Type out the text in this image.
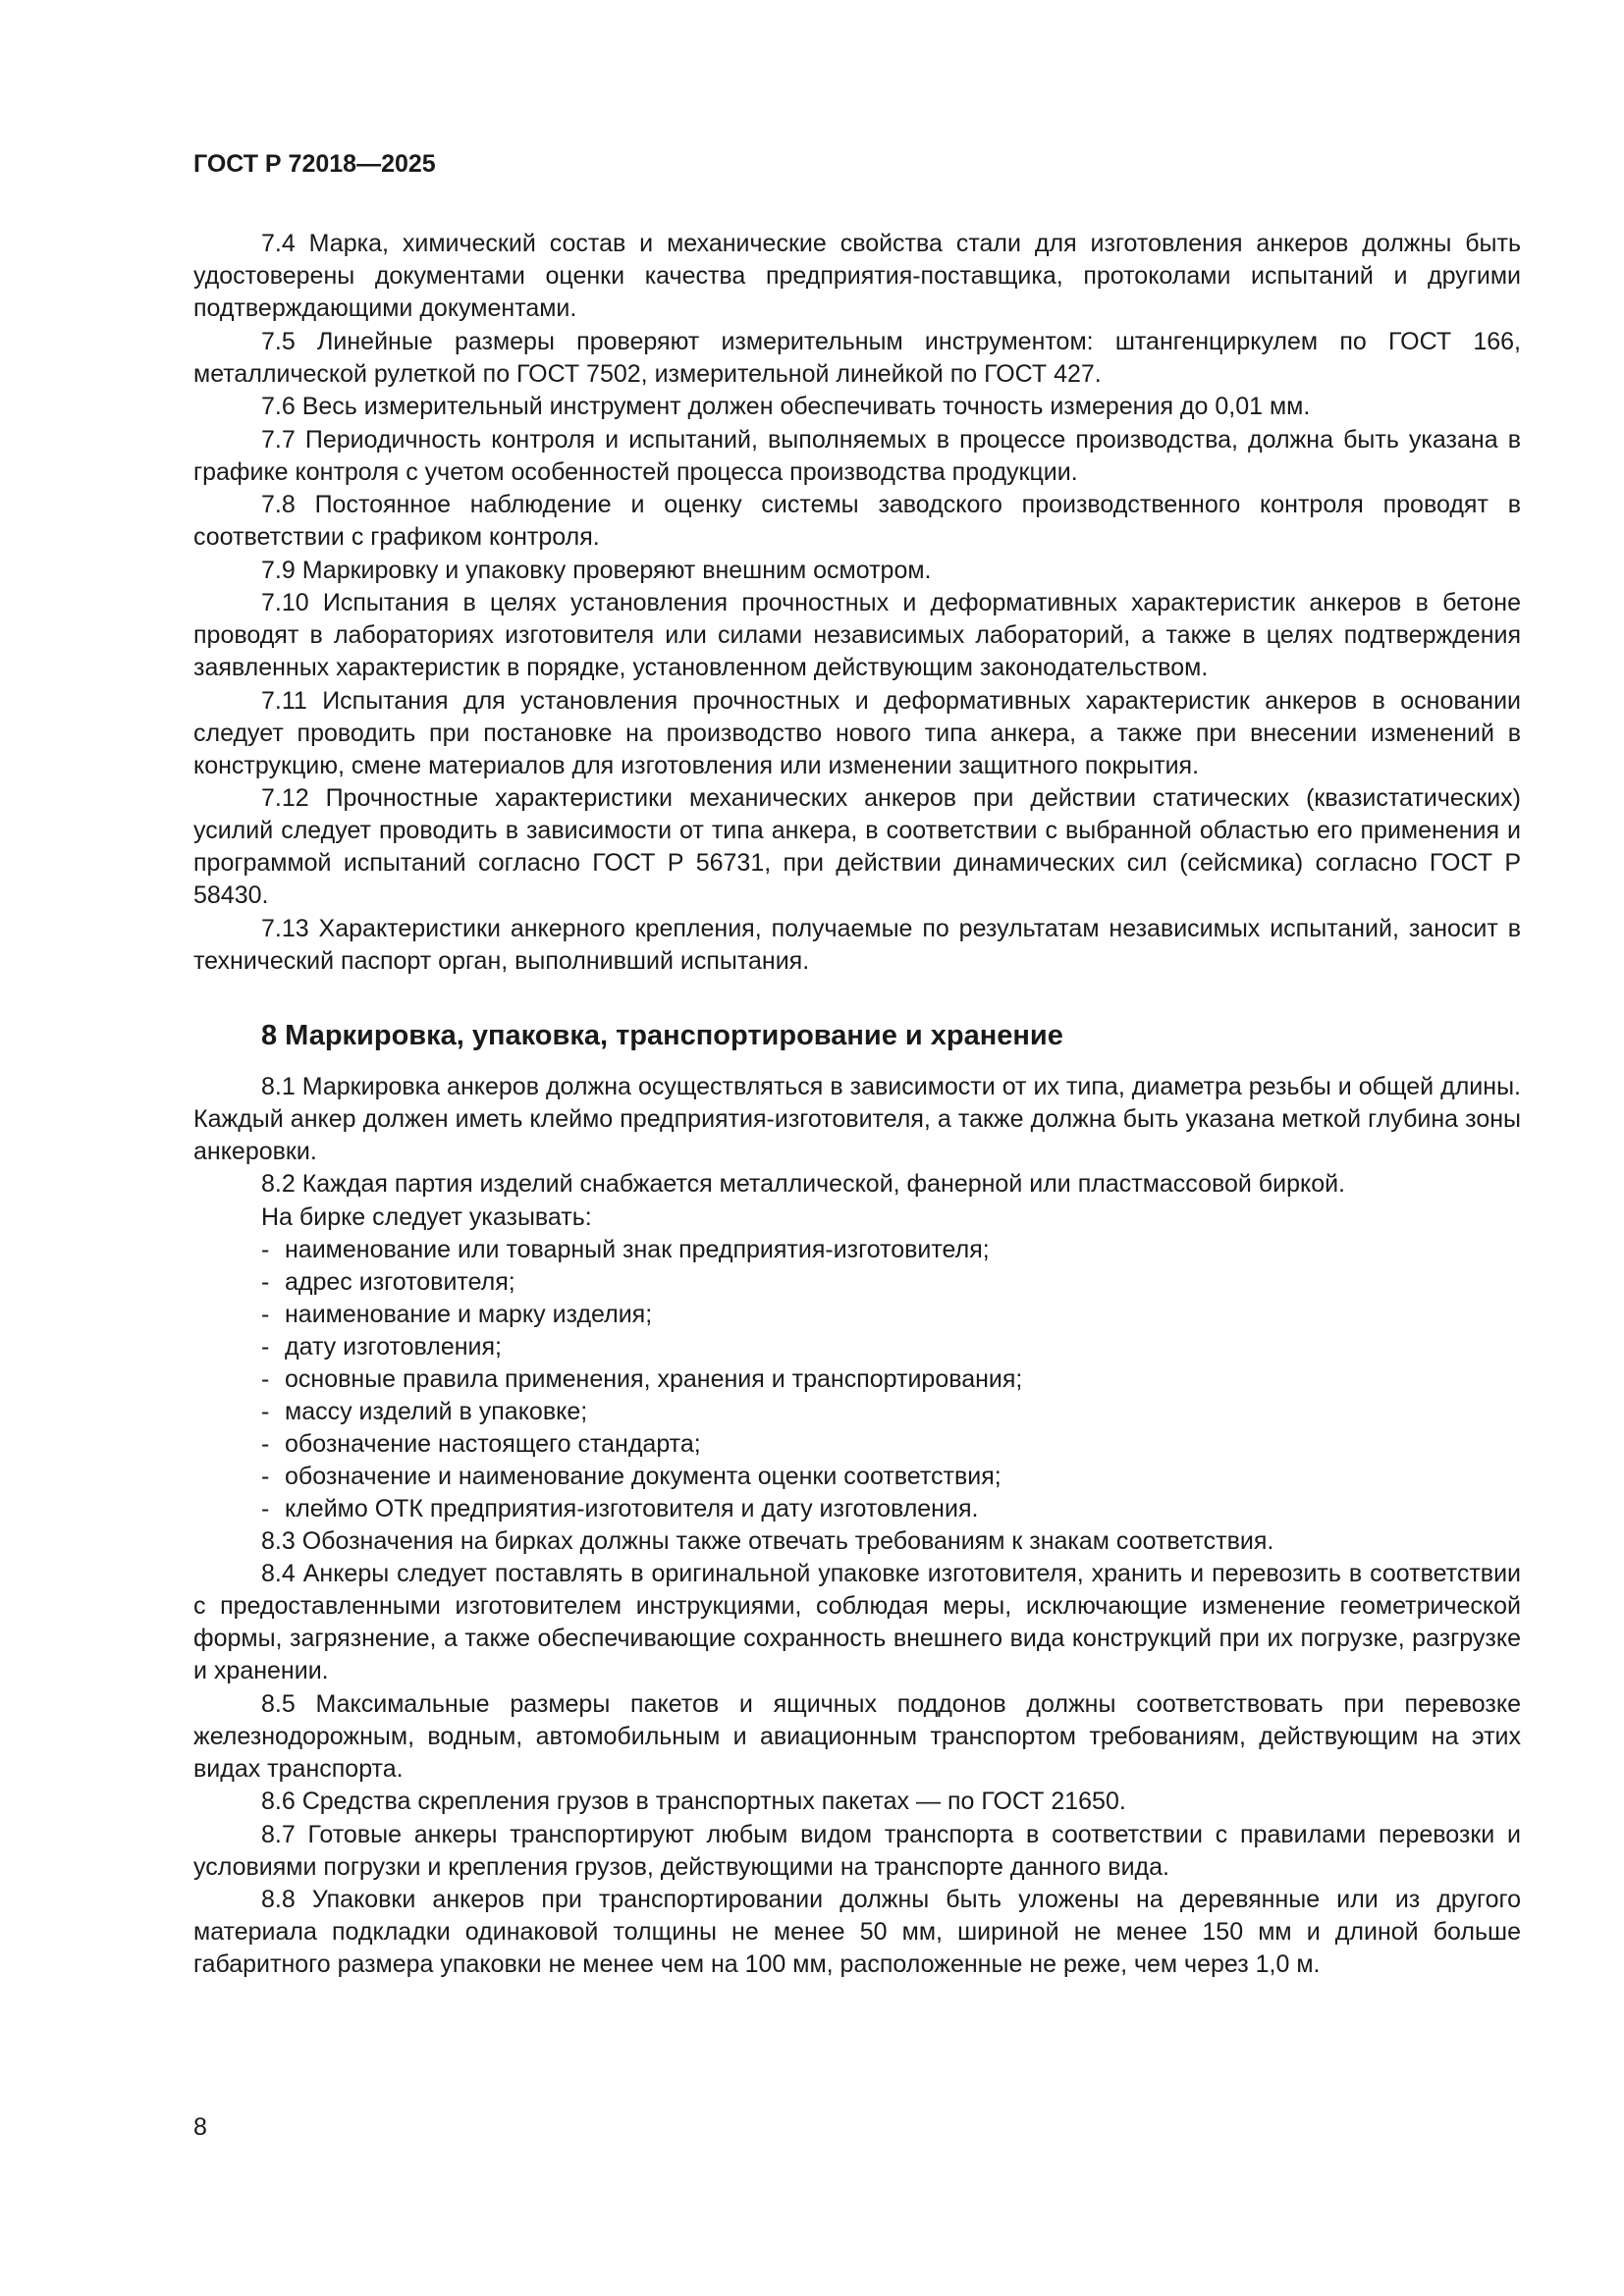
ГОСТ Р 72018—2025

7.4 Марка, химический состав и механические свойства стали для изготовления анкеров должны быть удостоверены документами оценки качества предприятия-поставщика, протоколами испытаний и другими подтверждающими документами.

7.5 Линейные размеры проверяют измерительным инструментом: штангенциркулем по ГОСТ 166, металлической рулеткой по ГОСТ 7502, измерительной линейкой по ГОСТ 427.

7.6 Весь измерительный инструмент должен обеспечивать точность измерения до 0,01 мм.

7.7 Периодичность контроля и испытаний, выполняемых в процессе производства, должна быть указана в графике контроля с учетом особенностей процесса производства продукции.

7.8 Постоянное наблюдение и оценку системы заводского производственного контроля проводят в соответствии с графиком контроля.

7.9 Маркировку и упаковку проверяют внешним осмотром.

7.10 Испытания в целях установления прочностных и деформативных характеристик анкеров в бетоне проводят в лабораториях изготовителя или силами независимых лабораторий, а также в целях подтверждения заявленных характеристик в порядке, установленном действующим законодательством.

7.11 Испытания для установления прочностных и деформативных характеристик анкеров в основании следует проводить при постановке на производство нового типа анкера, а также при внесении изменений в конструкцию, смене материалов для изготовления или изменении защитного покрытия.

7.12 Прочностные характеристики механических анкеров при действии статических (квазистатических) усилий следует проводить в зависимости от типа анкера, в соответствии с выбранной областью его применения и программой испытаний согласно ГОСТ Р 56731, при действии динамических сил (сейсмика) согласно ГОСТ Р 58430.

7.13 Характеристики анкерного крепления, получаемые по результатам независимых испытаний, заносит в технический паспорт орган, выполнивший испытания.

8 Маркировка, упаковка, транспортирование и хранение

8.1 Маркировка анкеров должна осуществляться в зависимости от их типа, диаметра резьбы и общей длины. Каждый анкер должен иметь клеймо предприятия-изготовителя, а также должна быть указана меткой глубина зоны анкеровки.

8.2 Каждая партия изделий снабжается металлической, фанерной или пластмассовой биркой.

На бирке следует указывать:

- наименование или товарный знак предприятия-изготовителя;
- адрес изготовителя;
- наименование и марку изделия;
- дату изготовления;
- основные правила применения, хранения и транспортирования;
- массу изделий в упаковке;
- обозначение настоящего стандарта;
- обозначение и наименование документа оценки соответствия;
- клеймо ОТК предприятия-изготовителя и дату изготовления.

8.3 Обозначения на бирках должны также отвечать требованиям к знакам соответствия.

8.4 Анкеры следует поставлять в оригинальной упаковке изготовителя, хранить и перевозить в соответствии с предоставленными изготовителем инструкциями, соблюдая меры, исключающие изменение геометрической формы, загрязнение, а также обеспечивающие сохранность внешнего вида конструкций при их погрузке, разгрузке и хранении.

8.5 Максимальные размеры пакетов и ящичных поддонов должны соответствовать при перевозке железнодорожным, водным, автомобильным и авиационным транспортом требованиям, действующим на этих видах транспорта.

8.6 Средства скрепления грузов в транспортных пакетах — по ГОСТ 21650.

8.7 Готовые анкеры транспортируют любым видом транспорта в соответствии с правилами перевозки и условиями погрузки и крепления грузов, действующими на транспорте данного вида.

8.8 Упаковки анкеров при транспортировании должны быть уложены на деревянные или из другого материала подкладки одинаковой толщины не менее 50 мм, шириной не менее 150 мм и длиной больше габаритного размера упаковки не менее чем на 100 мм, расположенные не реже, чем через 1,0 м.

8
